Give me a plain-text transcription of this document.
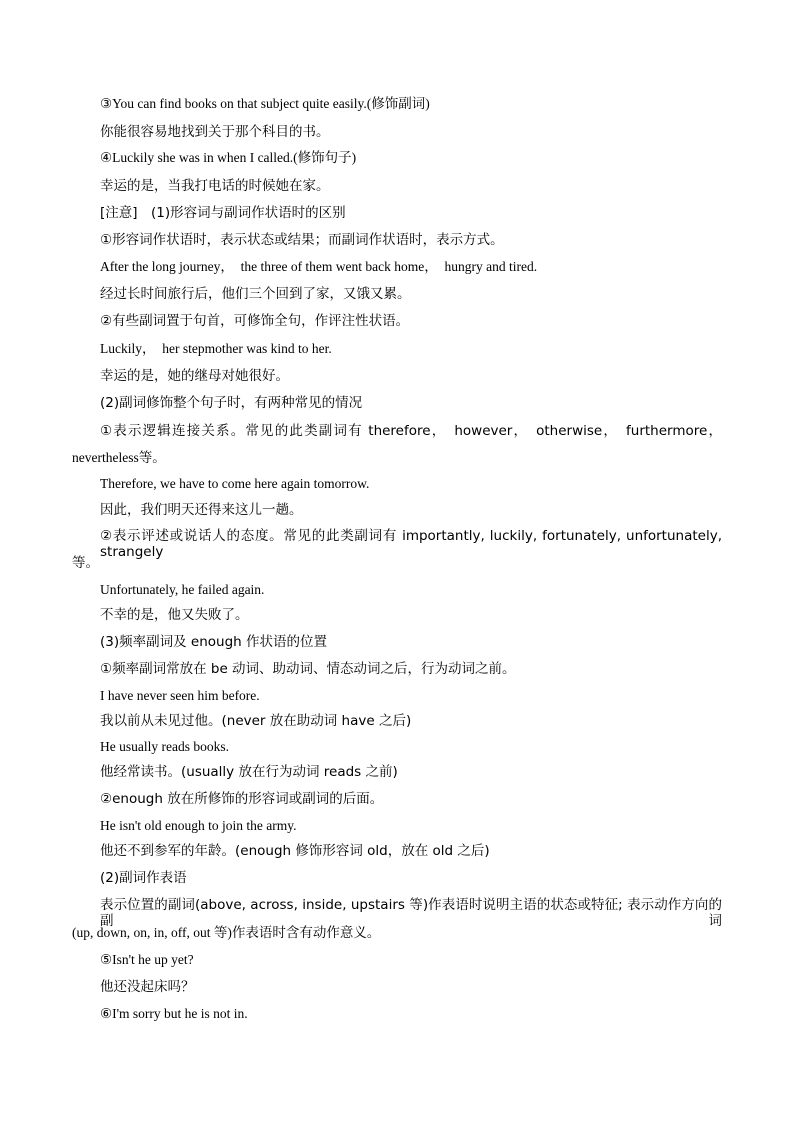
③You can find books on that subject quite easily.(修饰副词)
你能很容易地找到关于那个科目的书。
④Luckily she was in when I called.(修饰句子)
幸运的是，当我打电话的时候她在家。
[注意]　(1)形容词与副词作状语时的区别
①形容词作状语时，表示状态或结果；而副词作状语时，表示方式。
After the long journey，　the three of them went back home，　hungry and tired.
经过长时间旅行后，他们三个回到了家，又饿又累。
②有些副词置于句首，可修饰全句，作评注性状语。
Luckily，　her stepmother was kind to her.
幸运的是，她的继母对她很好。
(2)副词修饰整个句子时，有两种常见的情况
①表示逻辑连接关系。常见的此类副词有 therefore，　however，　otherwise，　furthermore，
nevertheless等。
Therefore, we have to come here again tomorrow.
因此，我们明天还得来这儿一趟。
②表示评述或说话人的态度。常见的此类副词有 importantly, luckily, fortunately, unfortunately, strangely
等。
Unfortunately, he failed again.
不幸的是，他又失败了。
(3)频率副词及 enough 作状语的位置
①频率副词常放在 be 动词、助动词、情态动词之后，行为动词之前。
I have never seen him before.
我以前从未见过他。(never 放在助动词 have 之后)
He usually reads books.
他经常读书。(usually 放在行为动词 reads 之前)
②enough 放在所修饰的形容词或副词的后面。
He isn't old enough to join the army.
他还不到参军的年龄。(enough 修饰形容词 old，放在 old 之后)
(2)副词作表语
表示位置的副词(above, across, inside, upstairs 等)作表语时说明主语的状态或特征; 表示动作方向的副词
(up, down, on, in, off, out 等)作表语时含有动作意义。
⑤Isn't he up yet?
他还没起床吗？
⑥I'm sorry but he is not in.
